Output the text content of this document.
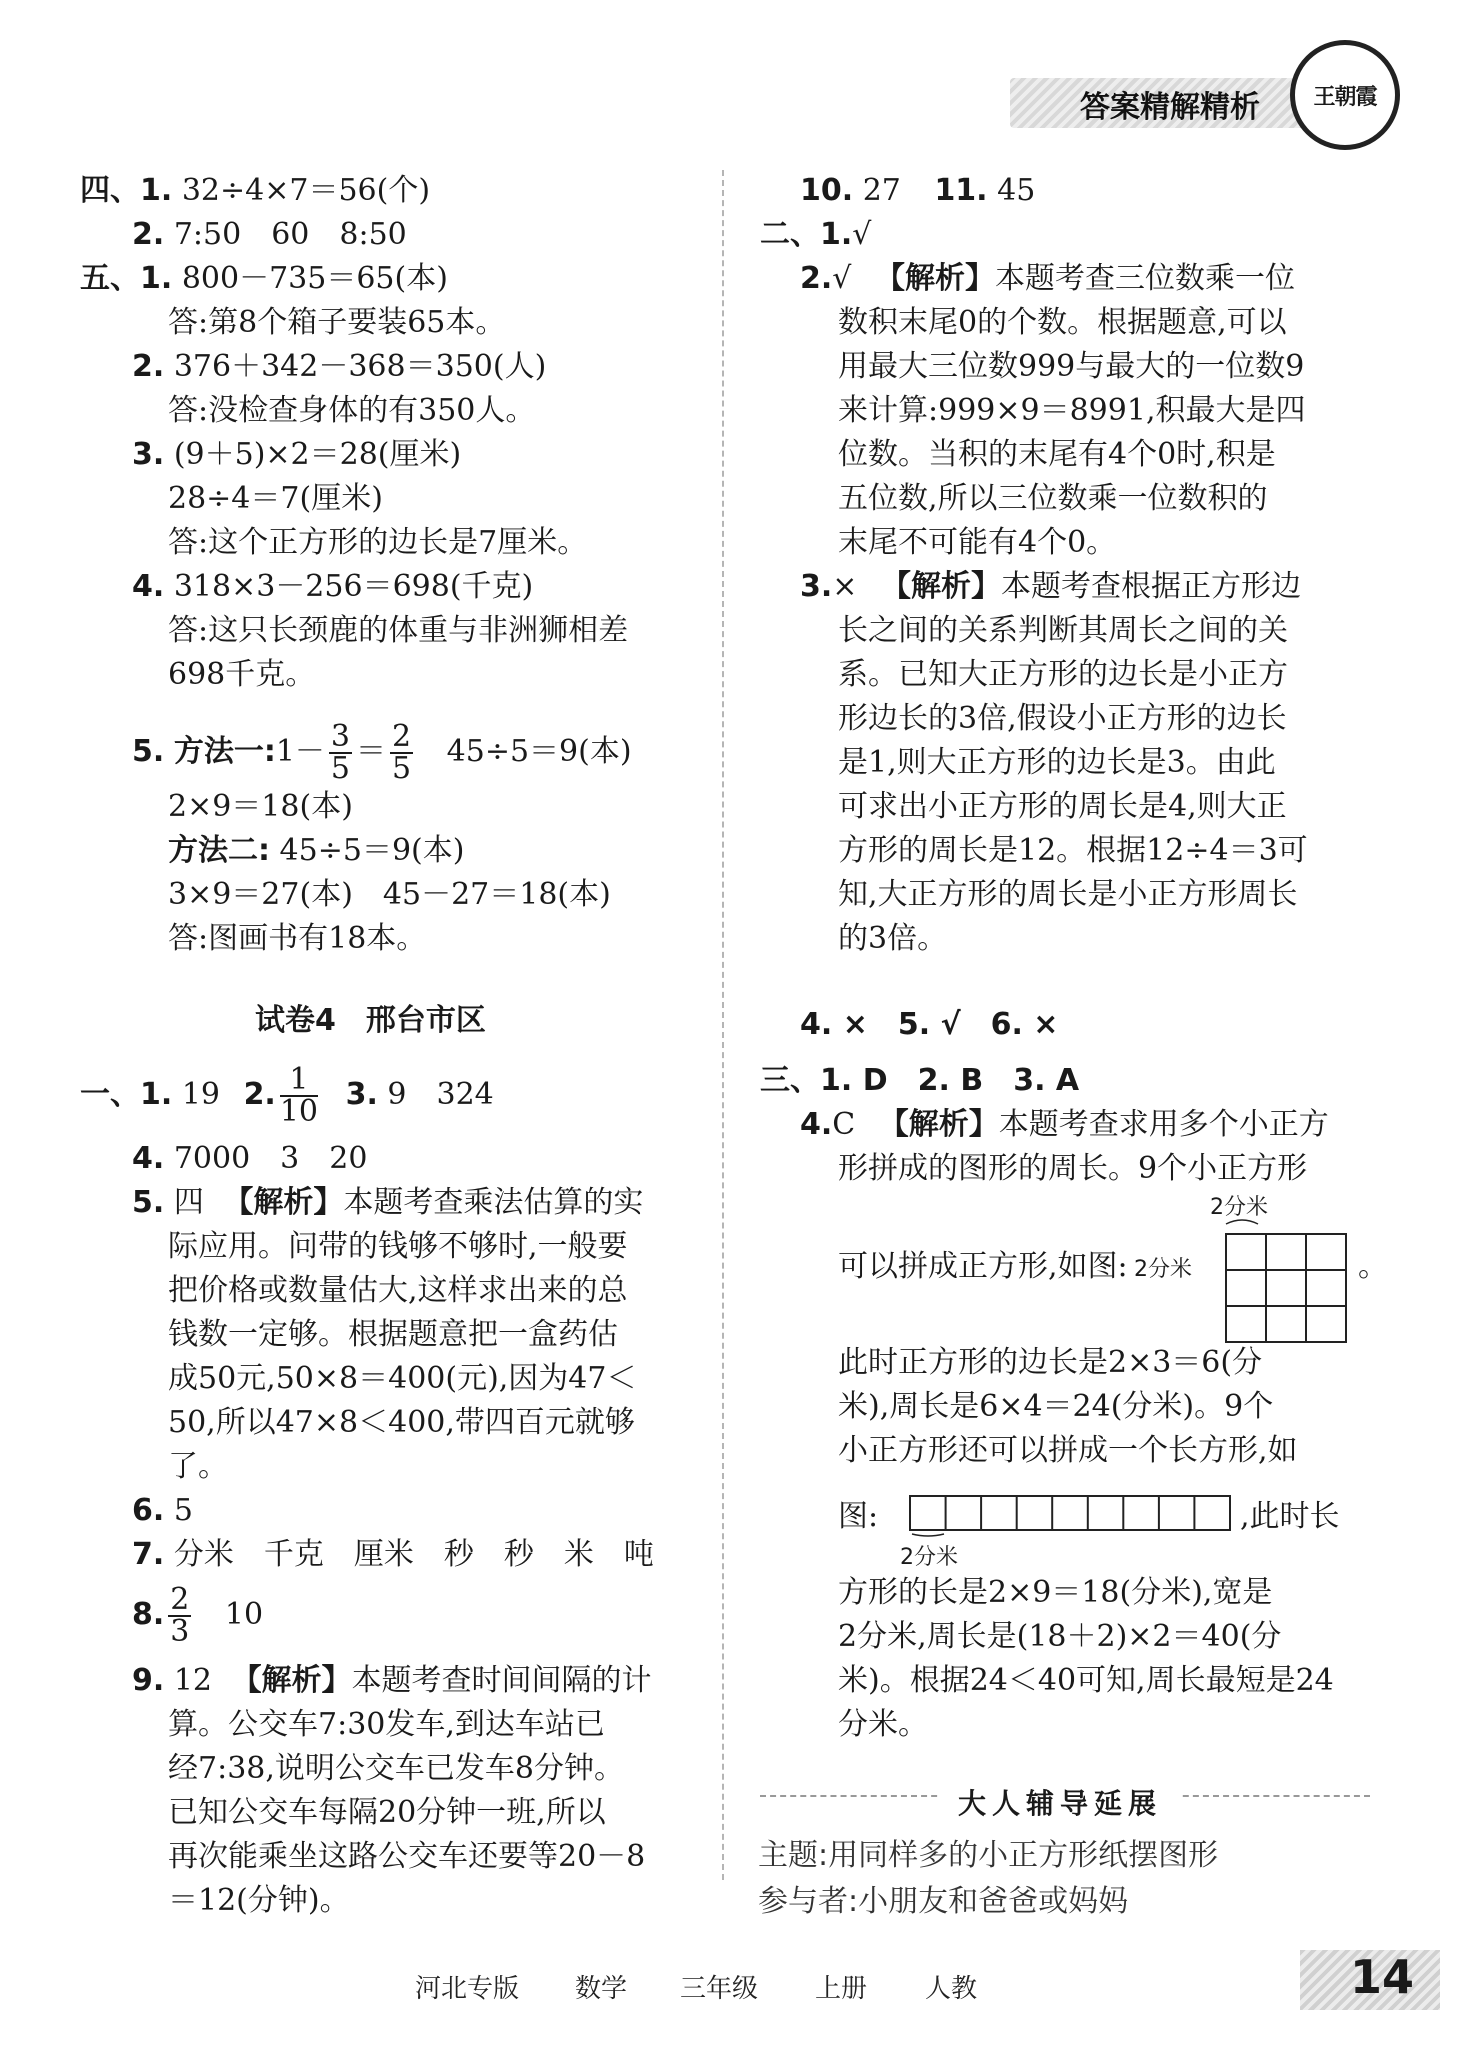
答案精解精析 王朝霞
四、1. 32÷4×7＝56(个)
2. 7:50　60　8:50
五、1. 800－735＝65(本)
答:第8个箱子要装65本。
2. 376＋342－368＝350(人)
答:没检查身体的有350人。
3. (9＋5)×2＝28(厘米)
28÷4＝7(厘米)
答:这个正方形的边长是7厘米。
4. 318×3－256＝698(千克)
答:这只长颈鹿的体重与非洲狮相差
698千克。
5. 方法一:1－ $\frac{3}{5} = \frac{2}{5} 45\div 5=9$(本)
2×9＝18(本)
方法二: 45÷5＝9(本)
3×9＝27(本)　45－27＝18(本)
答:图画书有18本。
试卷4　邢台市区
一、1. 19 2. $\frac{1}{10} 3$. 9　324
4. 7000　3　20
5. 四 【解析】本题考查乘法估算的实
际应用。问带的钱够不够时,一般要
把价格或数量估大,这样求出来的总
钱数一定够。根据题意把一盒药估
成50元,50×8＝400(元),因为47＜
50,所以47×8＜400,带四百元就够
了。
6. 5
7. 分米　千克　厘米　秒　秒　米　吨
8. $\frac{2}{3} 10$
9. 12 【解析】本题考查时间间隔的计
算。公交车7:30发车,到达车站已
经7:38,说明公交车已发车8分钟。
已知公交车每隔20分钟一班,所以
再次能乘坐这路公交车还要等20－8
＝12(分钟)。
10. 27 11. 45
二、1.√
2.√ 【解析】本题考查三位数乘一位
数积末尾0的个数。根据题意,可以
用最大三位数999与最大的一位数9
来计算:999×9＝8991,积最大是四
位数。当积的末尾有4个0时,积是
五位数,所以三位数乘一位数积的
末尾不可能有4个0。
3.× 【解析】本题考查根据正方形边
长之间的关系判断其周长之间的关
系。已知大正方形的边长是小正方
形边长的3倍,假设小正方形的边长
是1,则大正方形的边长是3。由此
可求出小正方形的周长是4,则大正
方形的周长是12。根据12÷4＝3可
知,大正方形的周长是小正方形周长
的3倍。
4. ×　5. √　6. ×
三、1. D　2. B　3. A
4.C 【解析】本题考查求用多个小正方
形拼成的图形的周长。9个小正方形
可以拼成正方形,如图:
2分米
2分米	。
此时正方形的边长是2×3＝6(分
米),周长是6×4＝24(分米)。9个
小正方形还可以拼成一个长方形,如
图:
2分米
,此时长
方形的长是2×9＝18(分米),宽是
2分米,周长是(18＋2)×2＝40(分
米)。根据24＜40可知,周长最短是24
分米。
大人辅导延展
主题:用同样多的小正方形纸摆图形
参与者:小朋友和爸爸或妈妈
河北专版 数学 三年级 上册 人教	14
